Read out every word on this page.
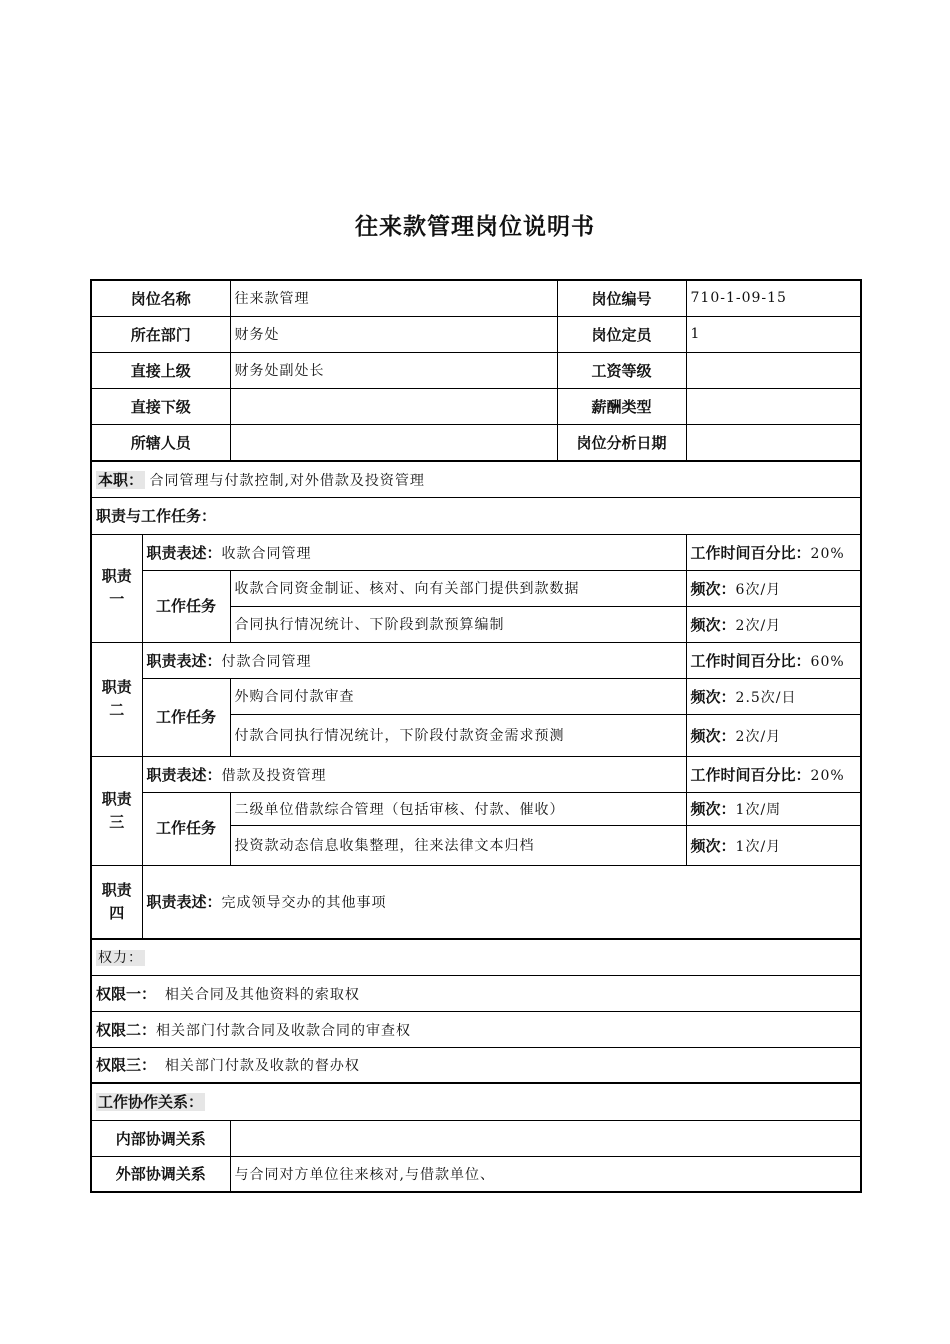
往来款管理岗位说明书
岗位名称		往来款管理	岗位编号	710-1-09-15
所在部门		财务处	岗位定员	1
直接上级		财务处副处长	工资等级	
直接下级			薪酬类型	
所辖人员			岗位分析日期	
本职： 合同管理与付款控制,对外借款及投资管理				
职责与工作任务：				
职责一	职责表述：收款合同管理			工作时间百分比：20%
	工作任务	收款合同资金制证、核对、向有关部门提供到款数据		频次：6次/月
		合同执行情况统计、下阶段到款预算编制		频次：2次/月
职责二	职责表述：付款合同管理			工作时间百分比：60%
	工作任务	外购合同付款审查		频次：2.5次/日
		付款合同执行情况统计，下阶段付款资金需求预测		频次：2次/月
职责三	职责表述：借款及投资管理			工作时间百分比：20%
	工作任务	二级单位借款综合管理（包括审核、付款、催收）		频次：1次/周
		投资款动态信息收集整理，往来法律文本归档		频次：1次/月
职责四	职责表述：完成领导交办的其他事项			
权力：				
权限一： 相关合同及其他资料的索取权				
权限二：相关部门付款合同及收款合同的审查权				
权限三： 相关部门付款及收款的督办权				
工作协作关系：				
内部协调关系				
外部协调关系		与合同对方单位往来核对,与借款单位、		
